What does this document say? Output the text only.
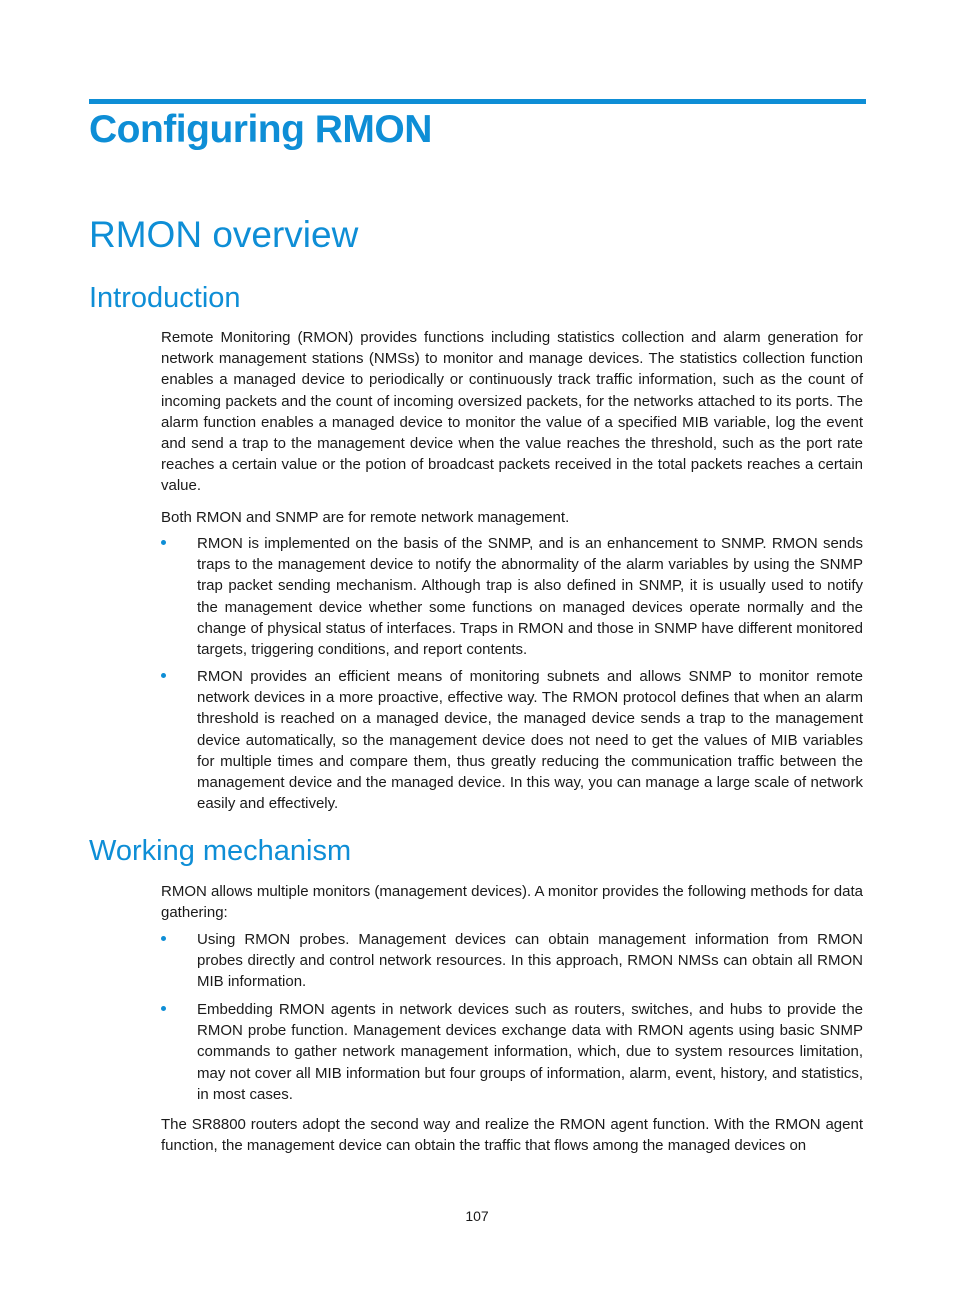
Configuring RMON
RMON overview
Introduction

Remote Monitoring (RMON) provides functions including statistics collection and alarm generation for network management stations (NMSs) to monitor and manage devices. The statistics collection function enables a managed device to periodically or continuously track traffic information, such as the count of incoming packets and the count of incoming oversized packets, for the networks attached to its ports. The alarm function enables a managed device to monitor the value of a specified MIB variable, log the event and send a trap to the management device when the value reaches the threshold, such as the port rate reaches a certain value or the potion of broadcast packets received in the total packets reaches a certain value.

Both RMON and SNMP are for remote network management.

RMON is implemented on the basis of the SNMP, and is an enhancement to SNMP. RMON sends traps to the management device to notify the abnormality of the alarm variables by using the SNMP trap packet sending mechanism. Although trap is also defined in SNMP, it is usually used to notify the management device whether some functions on managed devices operate normally and the change of physical status of interfaces. Traps in RMON and those in SNMP have different monitored targets, triggering conditions, and report contents.

RMON provides an efficient means of monitoring subnets and allows SNMP to monitor remote network devices in a more proactive, effective way. The RMON protocol defines that when an alarm threshold is reached on a managed device, the managed device sends a trap to the management device automatically, so the management device does not need to get the values of MIB variables for multiple times and compare them, thus greatly reducing the communication traffic between the management device and the managed device. In this way, you can manage a large scale of network easily and effectively.

Working mechanism

RMON allows multiple monitors (management devices). A monitor provides the following methods for data gathering:

Using RMON probes. Management devices can obtain management information from RMON probes directly and control network resources. In this approach, RMON NMSs can obtain all RMON MIB information.

Embedding RMON agents in network devices such as routers, switches, and hubs to provide the RMON probe function. Management devices exchange data with RMON agents using basic SNMP commands to gather network management information, which, due to system resources limitation, may not cover all MIB information but four groups of information, alarm, event, history, and statistics, in most cases.

The SR8800 routers adopt the second way and realize the RMON agent function. With the RMON agent function, the management device can obtain the traffic that flows among the managed devices on

107
